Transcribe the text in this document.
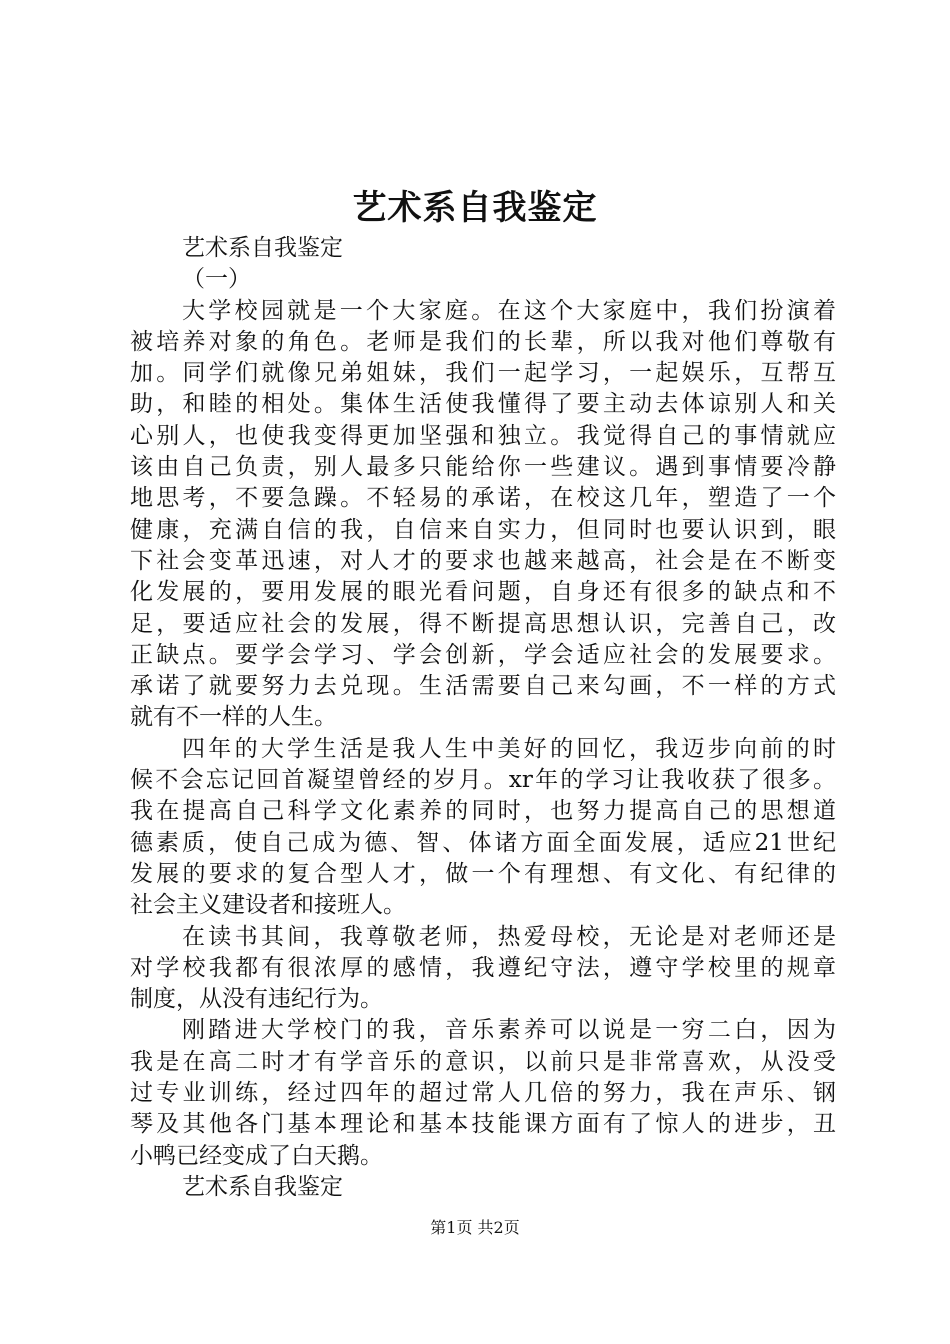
艺术系自我鉴定
艺术系自我鉴定
（一）
大学校园就是一个大家庭。在这个大家庭中，我们扮演着
被培养对象的角色。老师是我们的长辈，所以我对他们尊敬有
加。同学们就像兄弟姐妹，我们一起学习，一起娱乐，互帮互
助，和睦的相处。集体生活使我懂得了要主动去体谅别人和关
心别人，也使我变得更加坚强和独立。我觉得自己的事情就应
该由自己负责，别人最多只能给你一些建议。遇到事情要冷静
地思考，不要急躁。不轻易的承诺，在校这几年，塑造了一个
健康，充满自信的我，自信来自实力，但同时也要认识到，眼
下社会变革迅速，对人才的要求也越来越高，社会是在不断变
化发展的，要用发展的眼光看问题，自身还有很多的缺点和不
足，要适应社会的发展，得不断提高思想认识，完善自己，改
正缺点。要学会学习、学会创新，学会适应社会的发展要求。
承诺了就要努力去兑现。生活需要自己来勾画，不一样的方式
就有不一样的人生。
四年的大学生活是我人生中美好的回忆，我迈步向前的时
候不会忘记回首凝望曾经的岁月。xr年的学习让我收获了很多。
我在提高自己科学文化素养的同时，也努力提高自己的思想道
德素质，使自己成为德、智、体诸方面全面发展，适应21世纪
发展的要求的复合型人才，做一个有理想、有文化、有纪律的
社会主义建设者和接班人。
在读书其间，我尊敬老师，热爱母校，无论是对老师还是
对学校我都有很浓厚的感情，我遵纪守法，遵守学校里的规章
制度，从没有违纪行为。
刚踏进大学校门的我，音乐素养可以说是一穷二白，因为
我是在高二时才有学音乐的意识，以前只是非常喜欢，从没受
过专业训练，经过四年的超过常人几倍的努力，我在声乐、钢
琴及其他各门基本理论和基本技能课方面有了惊人的进步，丑
小鸭已经变成了白天鹅。
艺术系自我鉴定
第1页 共2页
